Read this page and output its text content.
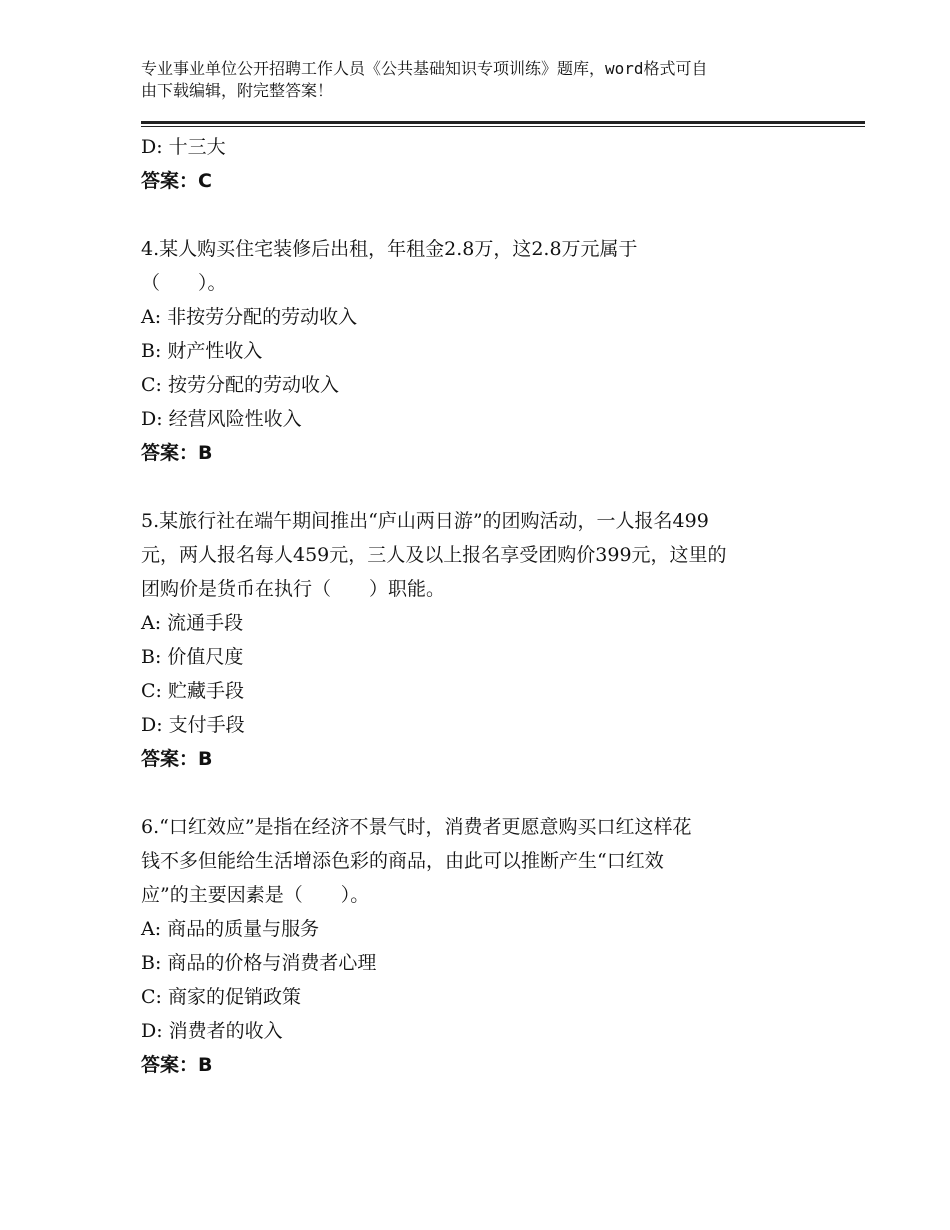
专业事业单位公开招聘工作人员《公共基础知识专项训练》题库，word格式可自
由下载编辑，附完整答案！
D: 十三大
答案：C
4.某人购买住宅装修后出租，年租金2.8万，这2.8万元属于
（　　）。
A: 非按劳分配的劳动收入
B: 财产性收入
C: 按劳分配的劳动收入
D: 经营风险性收入
答案：B
5.某旅行社在端午期间推出“庐山两日游”的团购活动，一人报名499
元，两人报名每人459元，三人及以上报名享受团购价399元，这里的
团购价是货币在执行（　　）职能。
A: 流通手段
B: 价值尺度
C: 贮藏手段
D: 支付手段
答案：B
6.“口红效应”是指在经济不景气时，消费者更愿意购买口红这样花
钱不多但能给生活增添色彩的商品，由此可以推断产生“口红效
应”的主要因素是（　　）。
A: 商品的质量与服务
B: 商品的价格与消费者心理
C: 商家的促销政策
D: 消费者的收入
答案：B
